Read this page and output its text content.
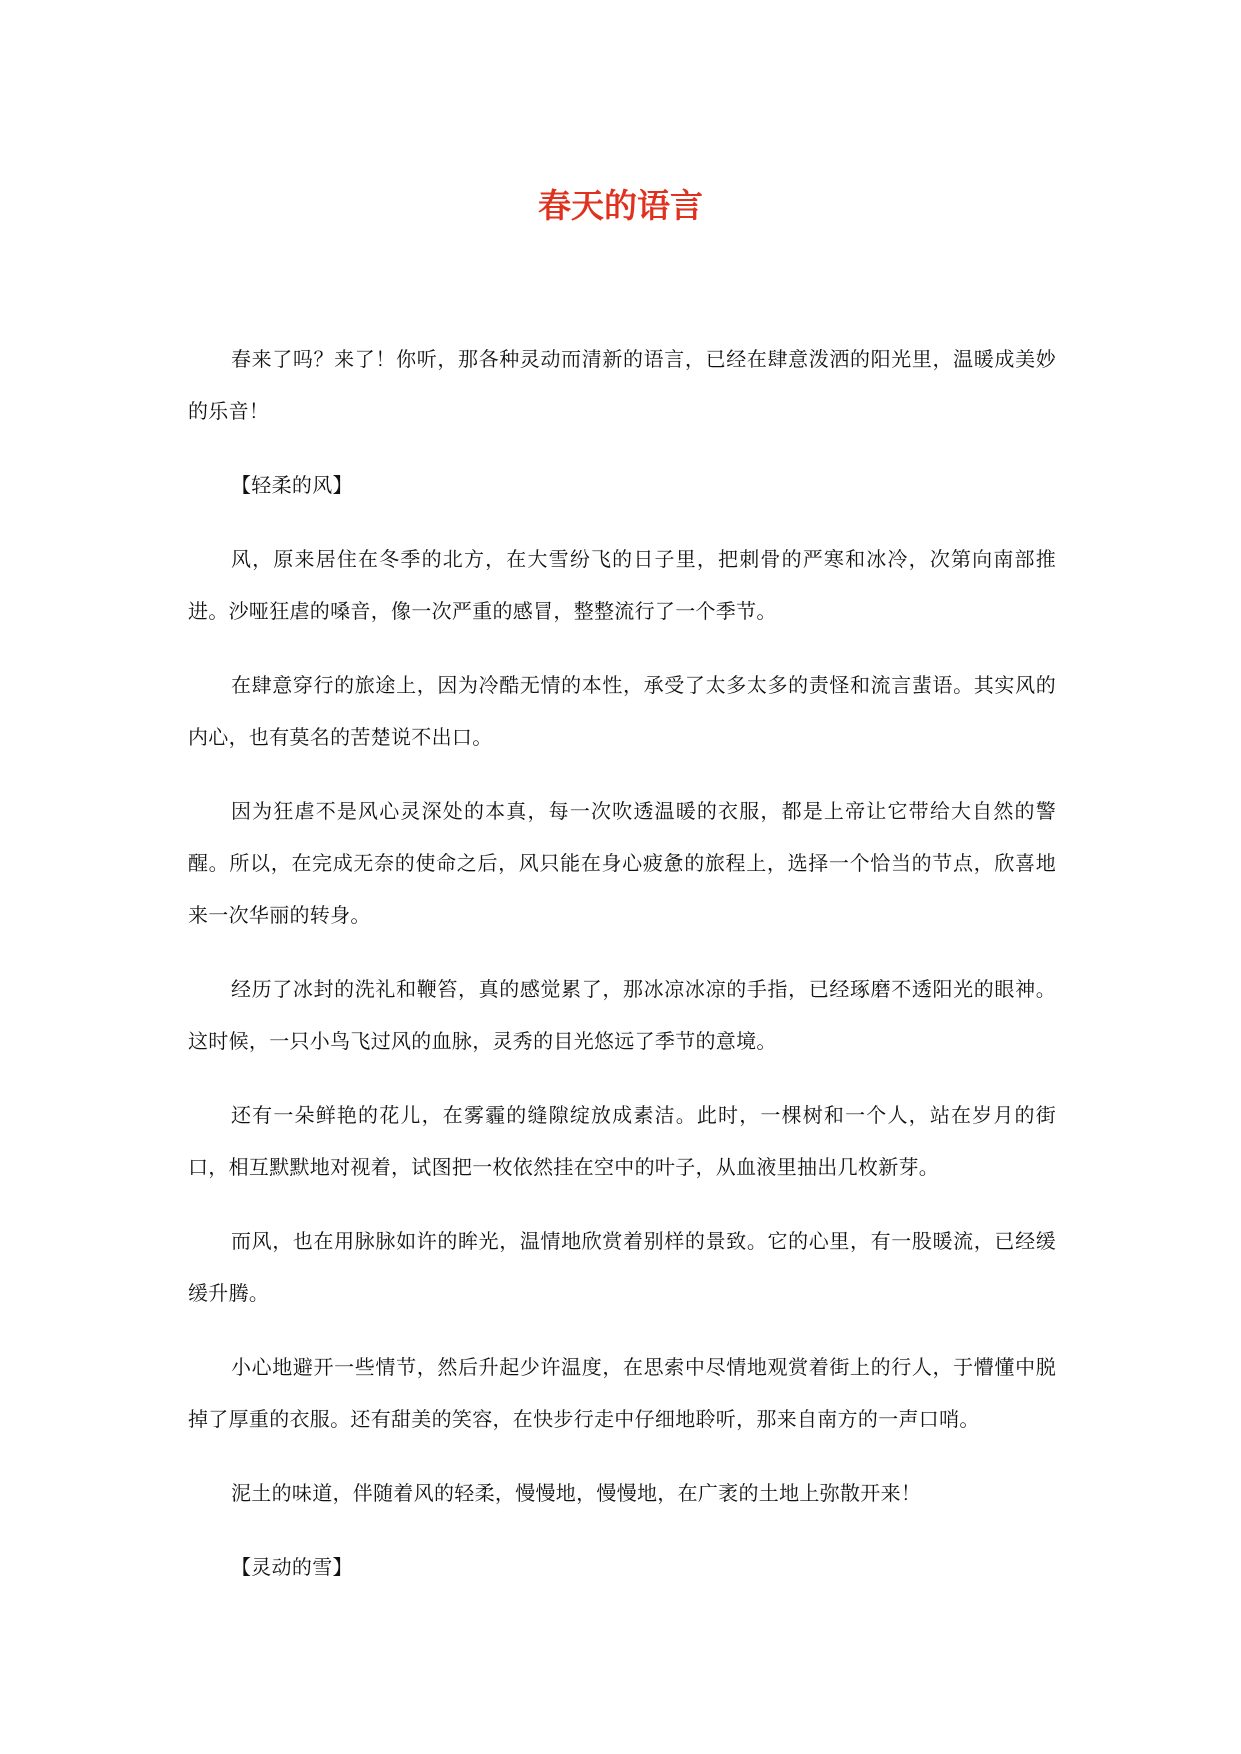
春天的语言

春来了吗？来了！你听，那各种灵动而清新的语言，已经在肆意泼洒的阳光里，温暖成美妙的乐音！

【轻柔的风】

风，原来居住在冬季的北方，在大雪纷飞的日子里，把刺骨的严寒和冰冷，次第向南部推进。沙哑狂虐的嗓音，像一次严重的感冒，整整流行了一个季节。

在肆意穿行的旅途上，因为冷酷无情的本性，承受了太多太多的责怪和流言蜚语。其实风的内心，也有莫名的苦楚说不出口。

因为狂虐不是风心灵深处的本真，每一次吹透温暖的衣服，都是上帝让它带给大自然的警醒。所以，在完成无奈的使命之后，风只能在身心疲惫的旅程上，选择一个恰当的节点，欣喜地来一次华丽的转身。

经历了冰封的洗礼和鞭笞，真的感觉累了，那冰凉冰凉的手指，已经琢磨不透阳光的眼神。这时候，一只小鸟飞过风的血脉，灵秀的目光悠远了季节的意境。

还有一朵鲜艳的花儿，在雾霾的缝隙绽放成素洁。此时，一棵树和一个人，站在岁月的街口，相互默默地对视着，试图把一枚依然挂在空中的叶子，从血液里抽出几枚新芽。

而风，也在用脉脉如许的眸光，温情地欣赏着别样的景致。它的心里，有一股暖流，已经缓缓升腾。

小心地避开一些情节，然后升起少许温度，在思索中尽情地观赏着街上的行人，于懵懂中脱掉了厚重的衣服。还有甜美的笑容，在快步行走中仔细地聆听，那来自南方的一声口哨。

泥土的味道，伴随着风的轻柔，慢慢地，慢慢地，在广袤的土地上弥散开来！

【灵动的雪】
